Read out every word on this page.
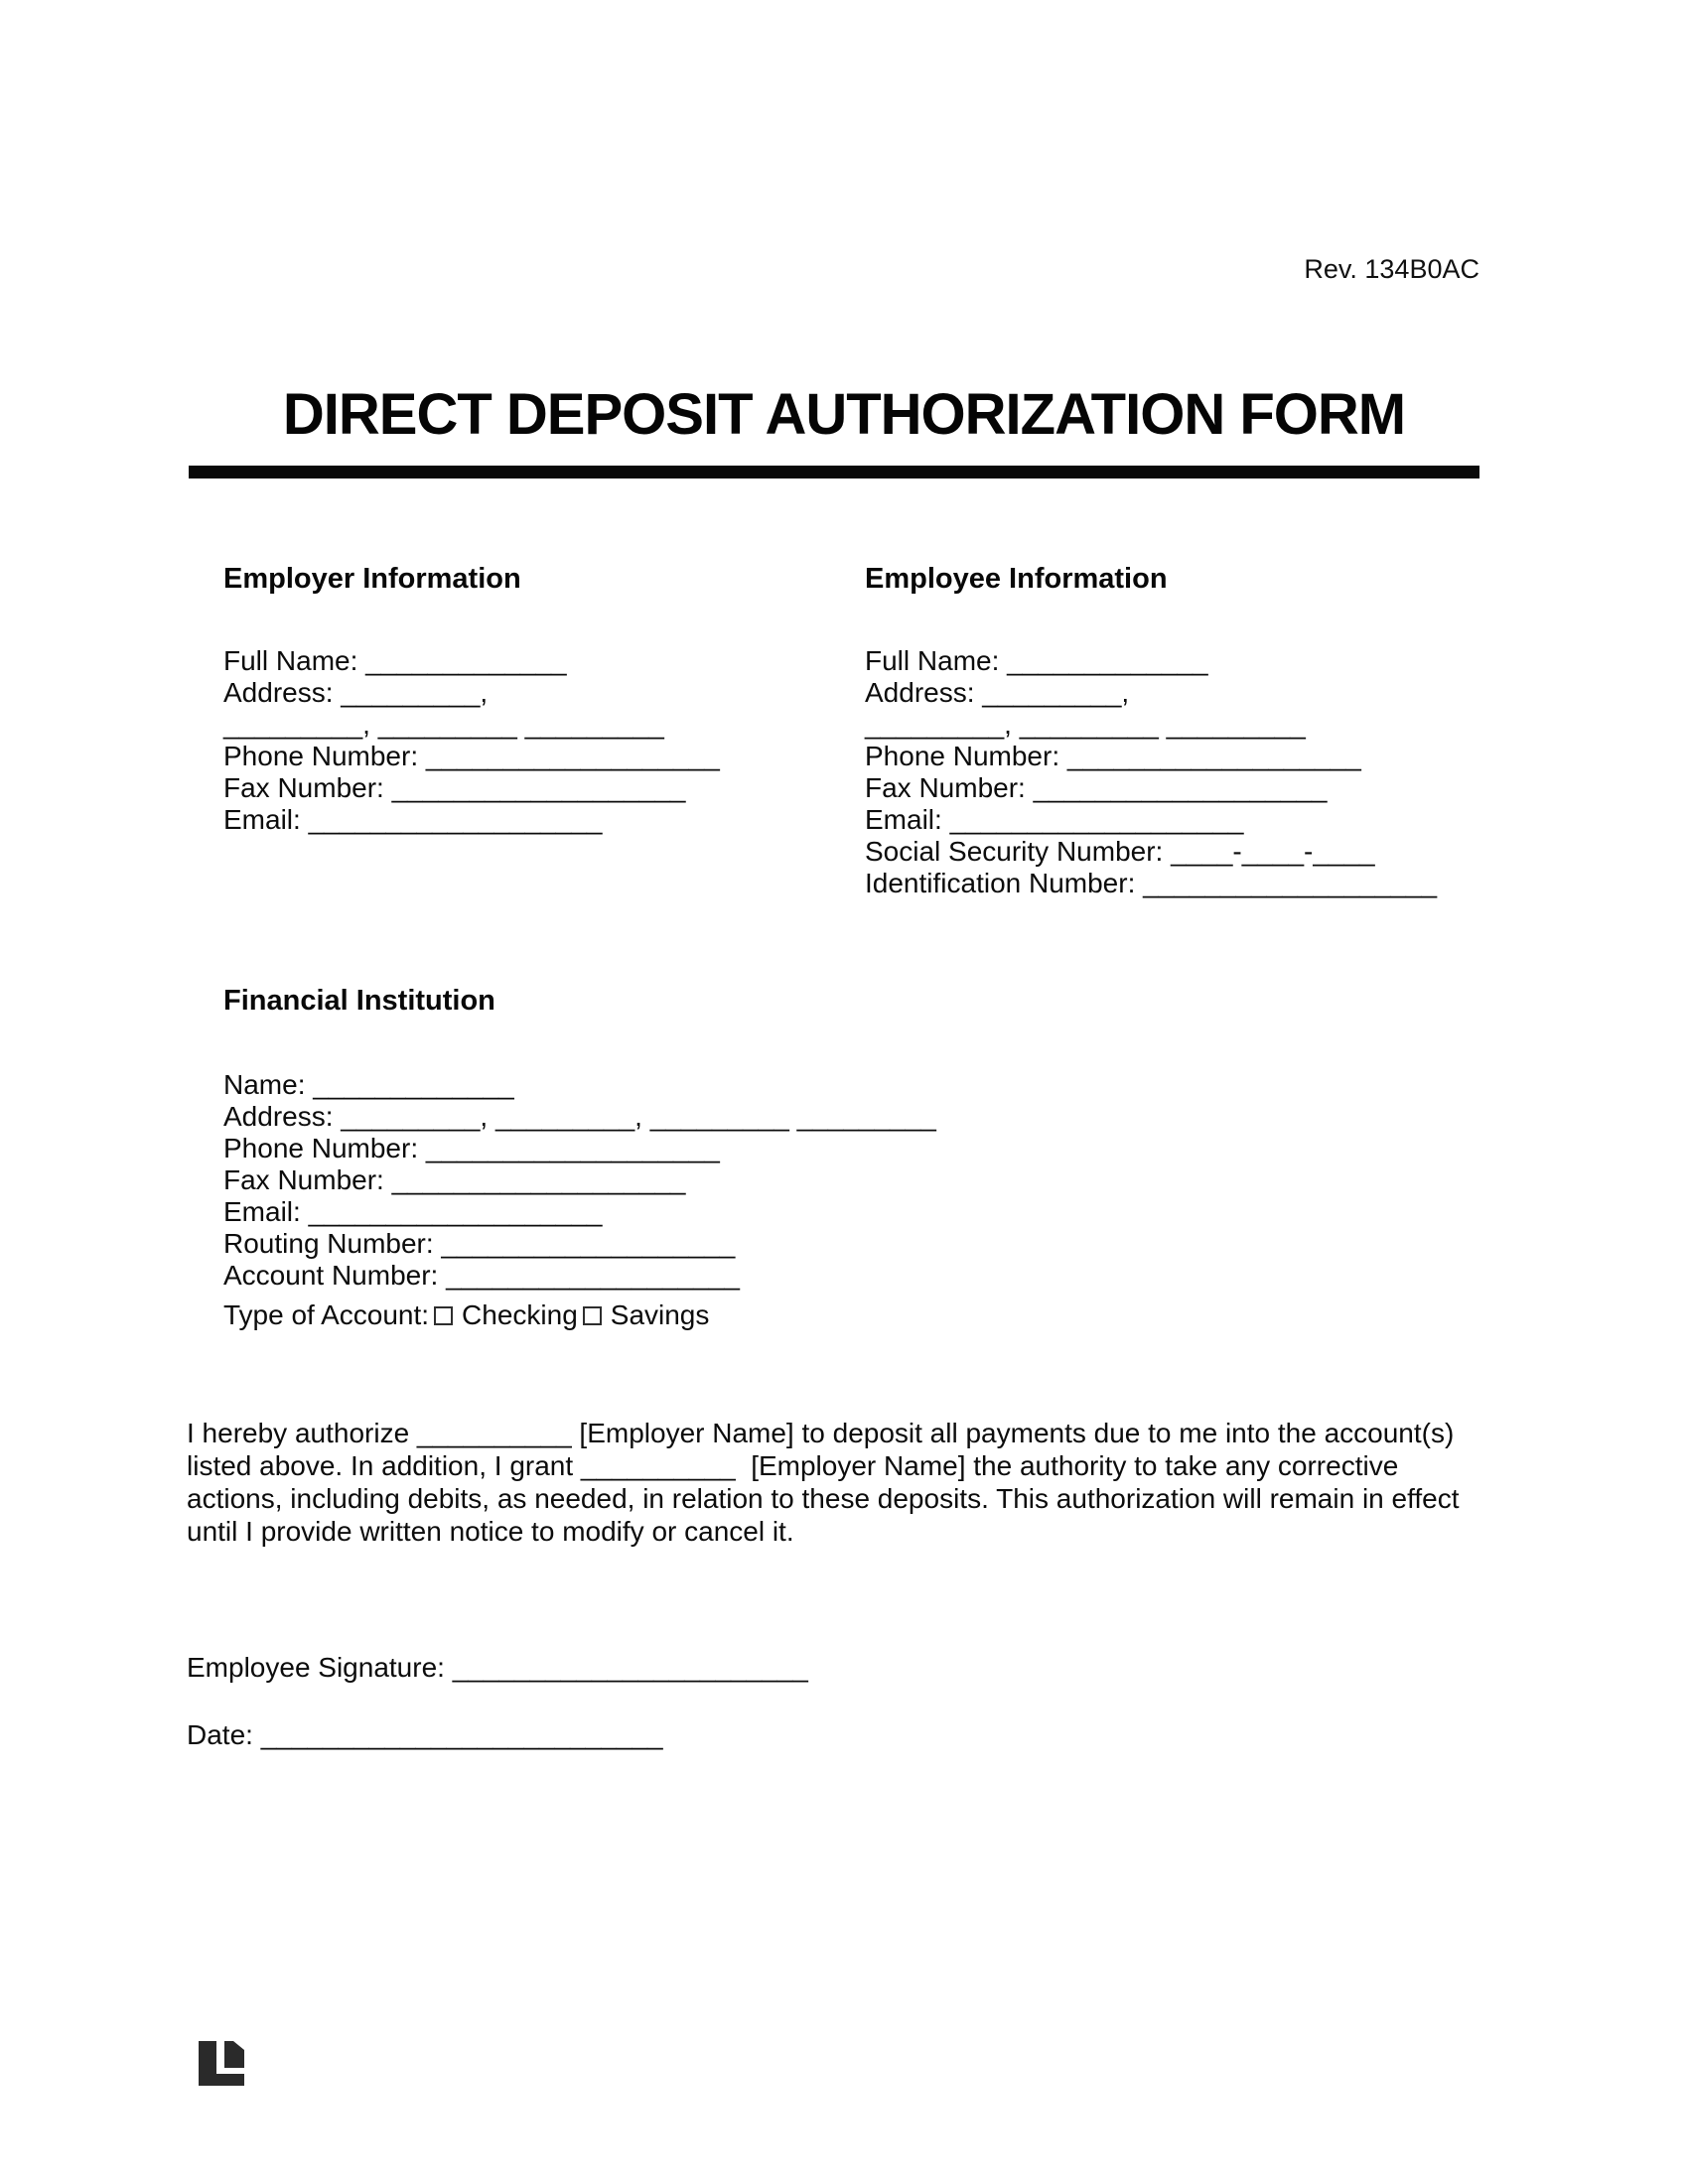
Rev. 134B0AC
DIRECT DEPOSIT AUTHORIZATION FORM
Employer Information
Full Name: _____________
Address: _________,
_________, _________ _________
Phone Number: ___________________
Fax Number: ___________________
Email: ___________________
Employee Information
Full Name: _____________
Address: _________,
_________, _________ _________
Phone Number: ___________________
Fax Number: ___________________
Email: ___________________
Social Security Number: ____-____-____
Identification Number: ___________________
Financial Institution
Name: _____________
Address: _________, _________, _________ _________
Phone Number: ___________________
Fax Number: ___________________
Email: ___________________
Routing Number: ___________________
Account Number: ___________________
Type of Account: Checking Savings
I hereby authorize __________ [Employer Name] to deposit all payments due to me into the account(s)
listed above. In addition, I grant __________  [Employer Name] the authority to take any corrective
actions, including debits, as needed, in relation to these deposits. This authorization will remain in effect
until I provide written notice to modify or cancel it.
Employee Signature: _______________________
Date: __________________________
